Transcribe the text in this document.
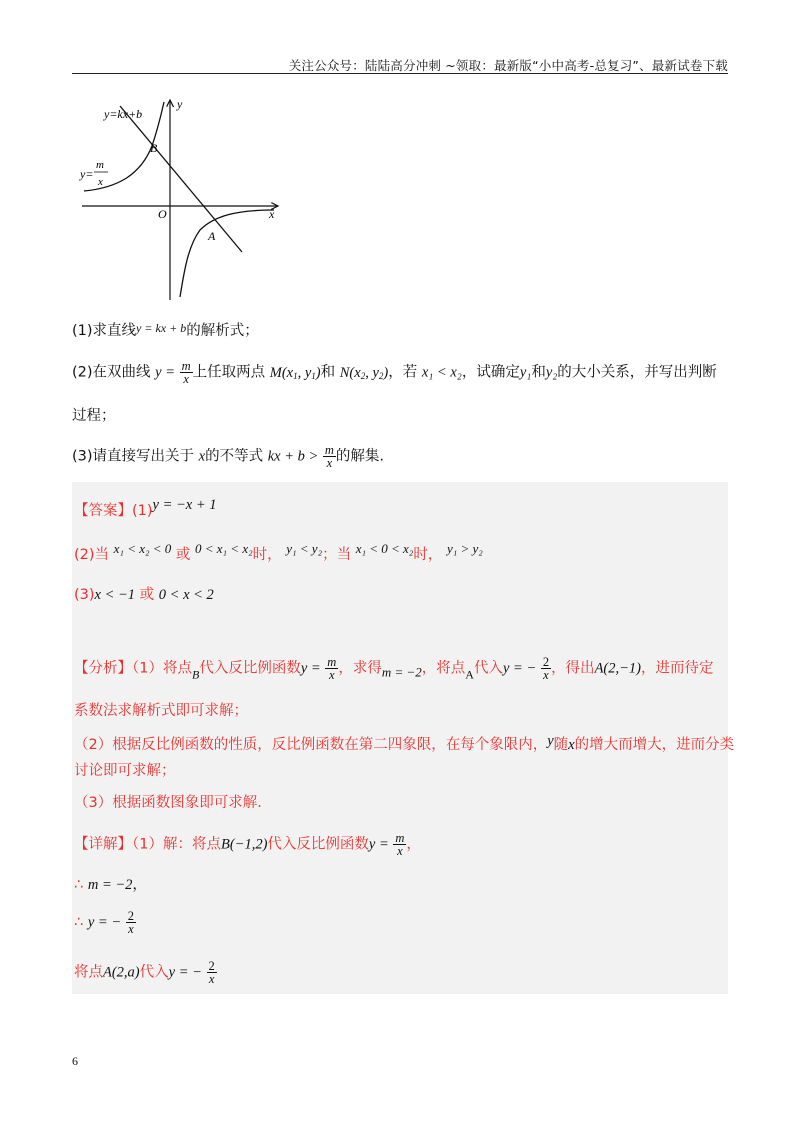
关注公众号：陆陆高分冲刺 ~领取：最新版“小中高考-总复习”、最新试卷下载
y=kx+b
y
x
O
B
A
y=
m
x
(1)求直线$^{y = kx + b}$的解析式；
(2)在双曲线 $y = \frac{m}{x}$ 上任取两点 $M(x_1$, $y_1$)和 $N(x_2$, $y_2$)，若 x₁ < x₂，试确定y₁和y₂的大小关系，并写出判断
过程；
(3)请直接写出关于 x的不等式 kx + $b > \frac{m}{x}$ 的解集.
【答案】(1)y = −x + 1
(2)当 x₁ < x₂ < 0 或 0 < x₁ < x₂时， y₁ < y₂；当 x₁ < 0 < x₂时， y₁ > y₂
(3)x < −1 或 0 < x < 2
【分析】（1）将点$_B$代入反比例函数$y = \frac{m}{x}$ ，求得m = −2，将点$_A$代入y = − $\frac{2}{x}$ ，得出A(2,−1)，进而待定
系数法求解析式即可求解；
（2）根据反比例函数的性质，反比例函数在第二四象限，在每个象限内，y随x的增大而增大，进而分类
讨论即可求解；
（3）根据函数图象即可求解.
【详解】（1）解：将点B(−1,2)代入反比例函数$y = \frac{m}{x}$ ，
∴ m = −2，
∴ y = − $\frac{2}{x}$
将点A(2,a)代入y = − $\frac{2}{x}$
6
